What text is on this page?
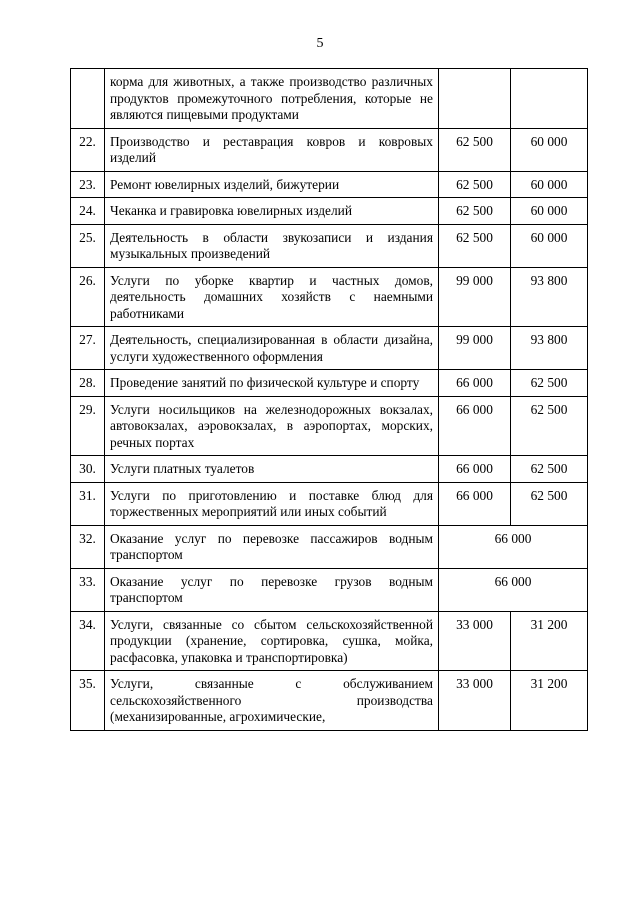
5
	корма для животных, а также производство различных продуктов промежуточного потребления, которые не являются пищевыми продуктами		
22.	Производство и реставрация ковров и ковровых изделий	62 500	60 000
23.	Ремонт ювелирных изделий, бижутерии	62 500	60 000
24.	Чеканка и гравировка ювелирных изделий	62 500	60 000
25.	Деятельность в области звукозаписи и издания музыкальных произведений	62 500	60 000
26.	Услуги по уборке квартир и частных домов, деятельность домашних хозяйств с наемными работниками	99 000	93 800
27.	Деятельность, специализированная в области дизайна, услуги художественного оформления	99 000	93 800
28.	Проведение занятий по физической культуре и спорту	66 000	62 500
29.	Услуги носильщиков на железнодорожных вокзалах, автовокзалах, аэровокзалах, в аэропортах, морских, речных портах	66 000	62 500
30.	Услуги платных туалетов	66 000	62 500
31.	Услуги по приготовлению и поставке блюд для торжественных мероприятий или иных событий	66 000	62 500
32.	Оказание услуг по перевозке пассажиров водным транспортом	66 000	
33.	Оказание услуг по перевозке грузов водным транспортом	66 000	
34.	Услуги, связанные со сбытом сельскохозяйственной продукции (хранение, сортировка, сушка, мойка, расфасовка, упаковка и транспортировка)	33 000	31 200
35.	Услуги, связанные с обслуживанием сельскохозяйственного производства (механизированные, агрохимические,	33 000	31 200
